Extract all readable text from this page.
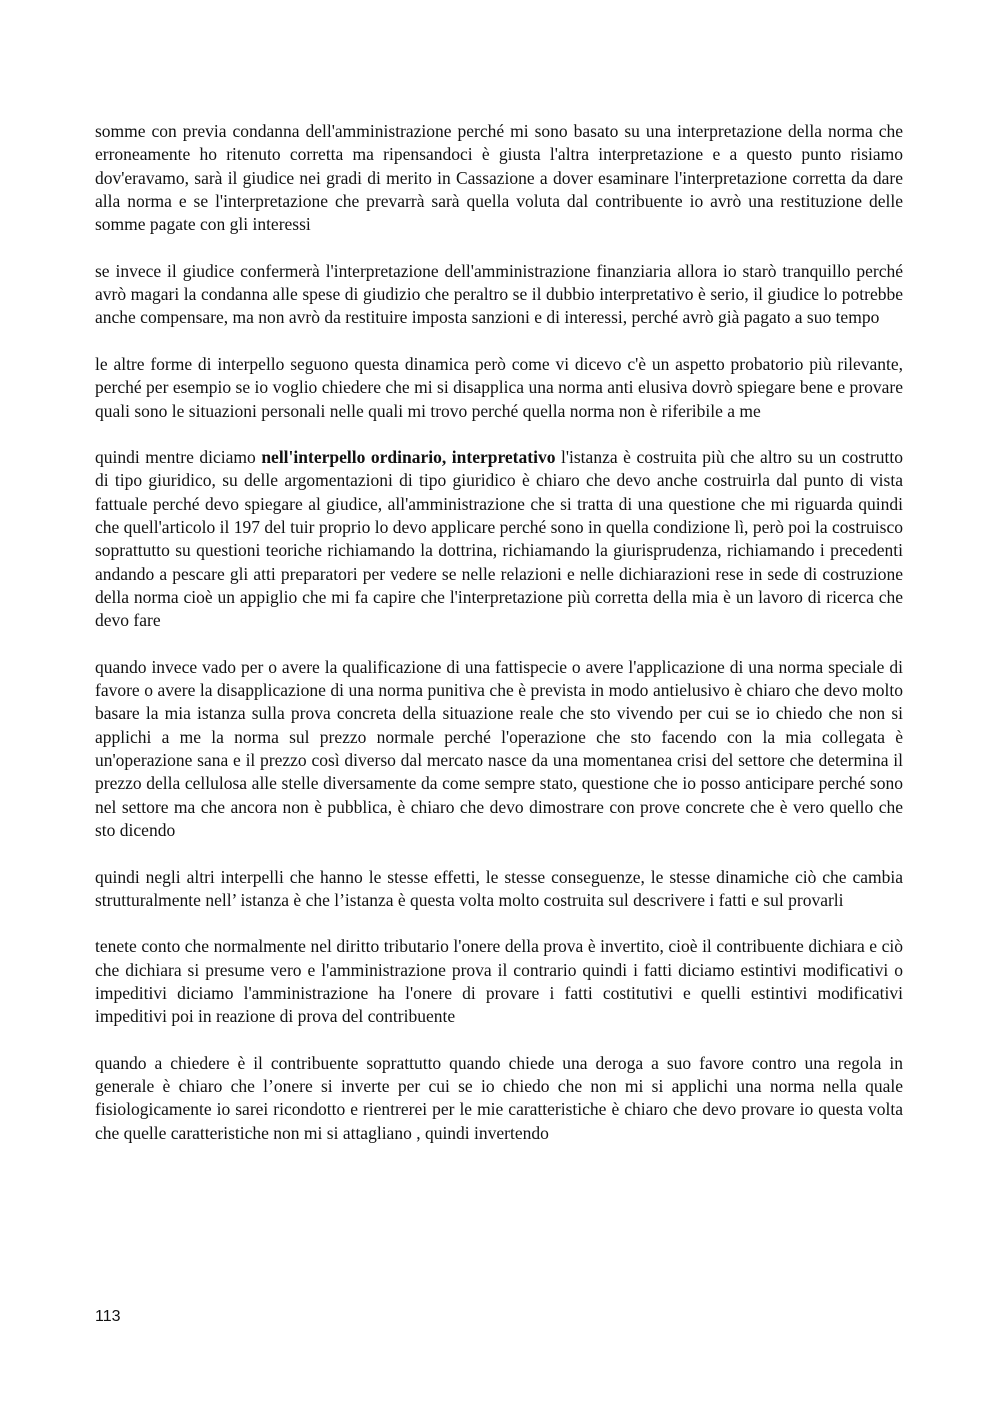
somme con previa condanna dell'amministrazione perché mi sono basato su una interpretazione della norma che erroneamente ho ritenuto corretta ma ripensandoci è giusta l'altra interpretazione e a questo punto risiamo dov'eravamo, sarà il giudice nei gradi di merito in Cassazione a dover esaminare l'interpretazione corretta da dare alla norma e se l'interpretazione che prevarrà sarà quella voluta dal contribuente io avrò una restituzione delle somme pagate con gli interessi

se invece il giudice confermerà l'interpretazione dell'amministrazione finanziaria allora io starò tranquillo perché avrò magari la condanna alle spese di giudizio che peraltro se il dubbio interpretativo è serio, il giudice lo potrebbe anche compensare, ma non avrò da restituire imposta sanzioni e di interessi, perché avrò già pagato a suo tempo

le altre forme di interpello seguono questa dinamica però come vi dicevo c'è un aspetto probatorio più rilevante, perché per esempio se io voglio chiedere che mi si disapplica una norma anti elusiva dovrò spiegare bene e provare quali sono le situazioni personali nelle quali mi trovo perché quella norma non è riferibile a me

quindi mentre diciamo nell'interpello ordinario, interpretativo l'istanza è costruita più che altro su un costrutto di tipo giuridico, su delle argomentazioni di tipo giuridico è chiaro che devo anche costruirla dal punto di vista fattuale perché devo spiegare al giudice, all'amministrazione che si tratta di una questione che mi riguarda quindi che quell'articolo il 197 del tuir proprio lo devo applicare perché sono in quella condizione lì, però poi la costruisco soprattutto su questioni teoriche richiamando la dottrina, richiamando la giurisprudenza, richiamando i precedenti andando a pescare gli atti preparatori per vedere se nelle relazioni e nelle dichiarazioni rese in sede di costruzione della norma cioè un appiglio che mi fa capire che l'interpretazione più corretta della mia è un lavoro di ricerca che devo fare

quando invece vado per o avere la qualificazione di una fattispecie o avere l'applicazione di una norma speciale di favore o avere la disapplicazione di una norma punitiva che è prevista in modo antielusivo è chiaro che devo molto basare la mia istanza sulla prova concreta della situazione reale che sto vivendo per cui se io chiedo che non si applichi a me la norma sul prezzo normale perché l'operazione che sto facendo con la mia collegata è un'operazione sana e il prezzo così diverso dal mercato nasce da una momentanea crisi del settore che determina il prezzo della cellulosa alle stelle diversamente da come sempre stato, questione che io posso anticipare perché sono nel settore ma che ancora non è pubblica, è chiaro che devo dimostrare con prove concrete che è vero quello che sto dicendo

quindi negli altri interpelli che hanno le stesse effetti, le stesse conseguenze, le stesse dinamiche ciò che cambia strutturalmente nell’ istanza è che l’istanza è questa volta molto costruita sul descrivere i fatti e sul provarli

tenete conto che normalmente nel diritto tributario l'onere della prova è invertito, cioè il contribuente dichiara e ciò che dichiara si presume vero e l'amministrazione prova il contrario quindi i fatti diciamo estintivi modificativi o impeditivi diciamo l'amministrazione ha l'onere di provare i fatti costitutivi e quelli estintivi modificativi impeditivi poi in reazione di prova del contribuente

quando a chiedere è il contribuente soprattutto quando chiede una deroga a suo favore contro una regola in generale è chiaro che l’onere si inverte per cui se io chiedo che non mi si applichi una norma nella quale fisiologicamente io sarei ricondotto e rientrerei per le mie caratteristiche è chiaro che devo provare io questa volta che quelle caratteristiche non mi si attagliano , quindi invertendo

113
